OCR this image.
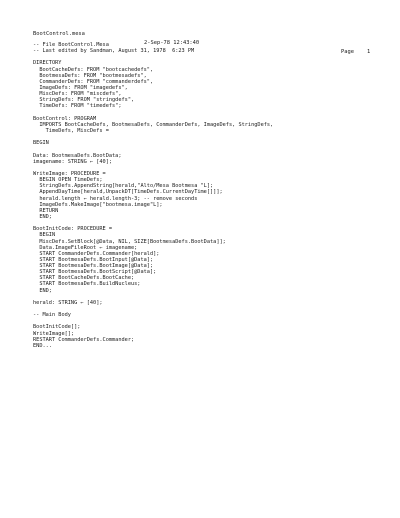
BootControl.mesa

2-Sep-78 12:43:40

Page    1

-- File BootControl.Mesa
-- Last edited by Sandman, August 31, 1978  6:23 PM
DIRECTORY
BootCacheDefs: FROM "bootcachedefs",
BootmesaDefs: FROM "bootmesadefs",
CommanderDefs: FROM "commanderdefs",
ImageDefs: FROM "imagedefs",
MiscDefs: FROM "miscdefs",
StringDefs: FROM "stringdefs",
TimeDefs: FROM "timedefs";
BootControl: PROGRAM
IMPORTS BootCacheDefs, BootmesaDefs, CommanderDefs, ImageDefs, StringDefs,
TimeDefs, MiscDefs =
BEGIN
Data: BootmesaDefs.BootData;
imagename: STRING ← [40];
WriteImage: PROCEDURE =
BEGIN OPEN TimeDefs;
StringDefs.AppendString[herald,"Alto/Mesa Bootmesa "L];
AppendDayTime[herald,UnpackDT[TimeDefs.CurrentDayTime[]]];
herald.length ← herald.length-3; -- remove seconds
ImageDefs.MakeImage["bootmesa.image"L];
RETURN
END;
BootInitCode: PROCEDURE =
BEGIN
MiscDefs.SetBlock[@Data, NIL, SIZE[BootmesaDefs.BootData]];
Data.ImageFileRoot ← imagename;
START CommanderDefs.Commander[herald];
START BootmesaDefs.BootInput[@Data];
START BootmesaDefs.BootImage[@Data];
START BootmesaDefs.BootScript[@Data];
START BootCacheDefs.BootCache;
START BootmesaDefs.BuildNucleus;
END;
herald: STRING ← [40];
-- Main Body
BootInitCode[];
WriteImage[];
RESTART CommanderDefs.Commander;
END...
